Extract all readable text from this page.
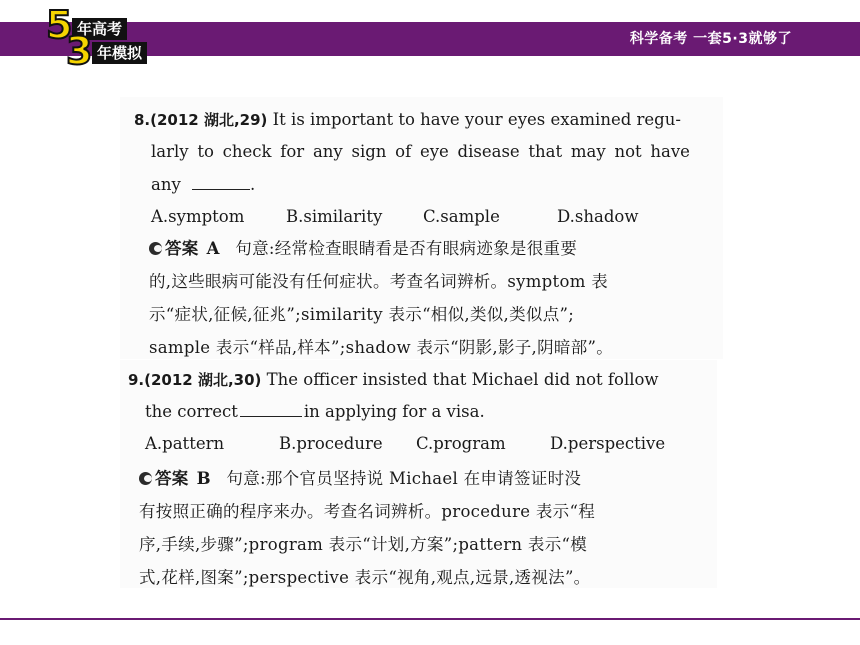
科学备考 一套5·3就够了
5 年高考
3 年模拟
8.(2012 湖北,29) It is important to have your eyes examined regu-
larly to check for any sign of eye disease that may not have
any	.
A.symptom	B.similarity C.sample	D.shadow
答案 A 句意:经常检查眼睛看是否有眼病迹象是很重要
的,这些眼病可能没有任何症状。考查名词辨析。symptom 表
示“症状,征候,征兆”;similarity 表示“相似,类似,类似点”;
sample 表示“样品,样本”;shadow 表示“阴影,影子,阴暗部”。
9.(2012 湖北,30) The officer insisted that Michael did not follow
the correct	in applying for a visa.
A.pattern	B.procedure C.program	D.perspective
答案 B 句意:那个官员坚持说 Michael 在申请签证时没
有按照正确的程序来办。考查名词辨析。procedure 表示“程
序,手续,步骤”;program 表示“计划,方案”;pattern 表示“模
式,花样,图案”;perspective 表示“视角,观点,远景,透视法”。
